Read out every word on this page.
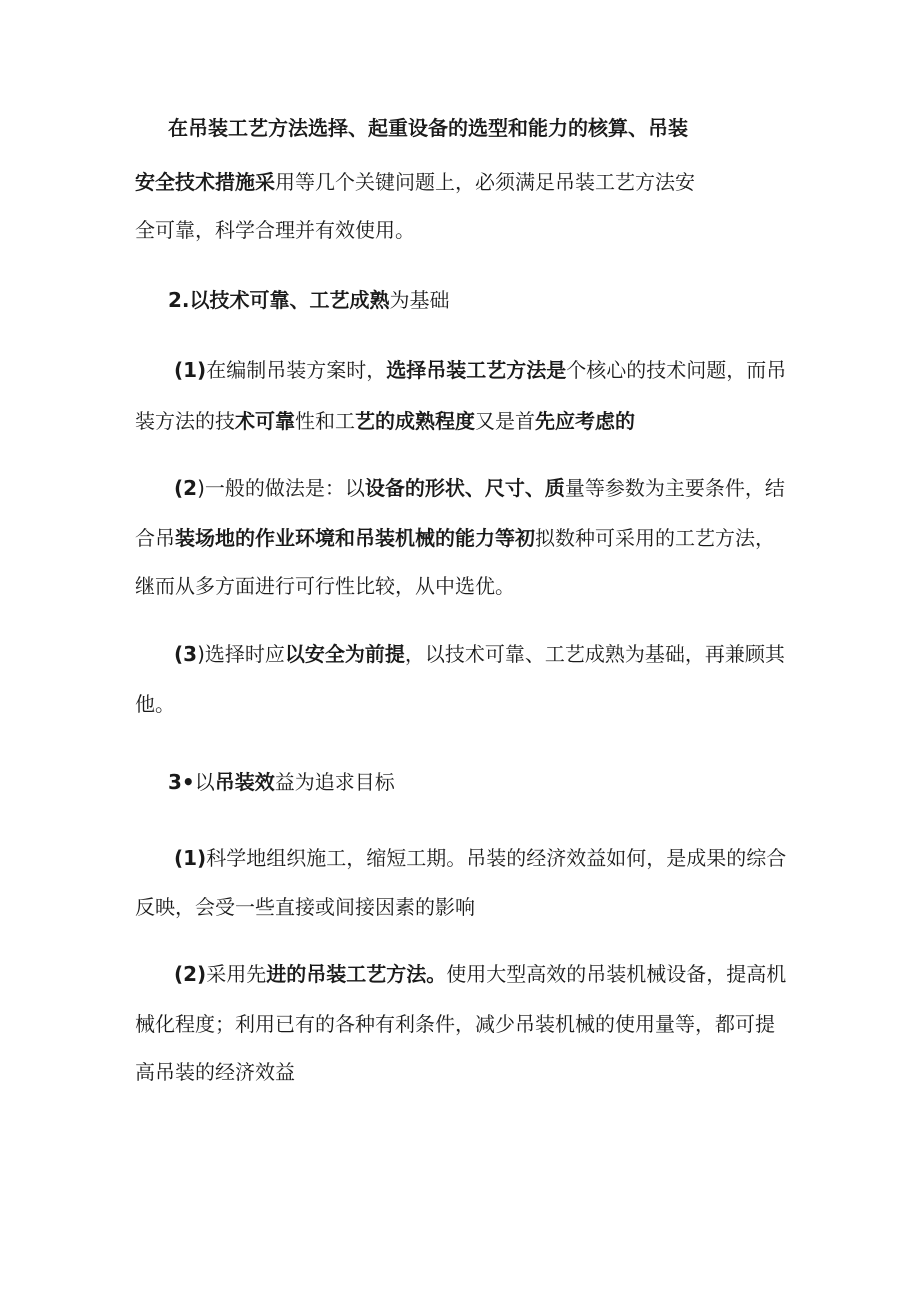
在吊装工艺方法选择、起重设备的选型和能力的核算、吊装
安全技术措施采用等几个关键问题上，必须满足吊装工艺方法安
全可靠，科学合理并有效使用。
2.以技术可靠、工艺成熟为基础
(1)在编制吊装方案时，选择吊装工艺方法是个核心的技术问题，而吊
装方法的技术可靠性和工艺的成熟程度又是首先应考虑的
(2)一般的做法是：以设备的形状、尺寸、质量等参数为主要条件，结
合吊装场地的作业环境和吊装机械的能力等初拟数种可采用的工艺方法，
继而从多方面进行可行性比较，从中选优。
(3)选择时应以安全为前提，以技术可靠、工艺成熟为基础，再兼顾其
他。
3•以吊装效益为追求目标
(1)科学地组织施工，缩短工期。吊装的经济效益如何，是成果的综合
反映，会受一些直接或间接因素的影响
(2)采用先进的吊装工艺方法。使用大型高效的吊装机械设备，提高机
械化程度；利用已有的各种有利条件，减少吊装机械的使用量等，都可提
高吊装的经济效益
